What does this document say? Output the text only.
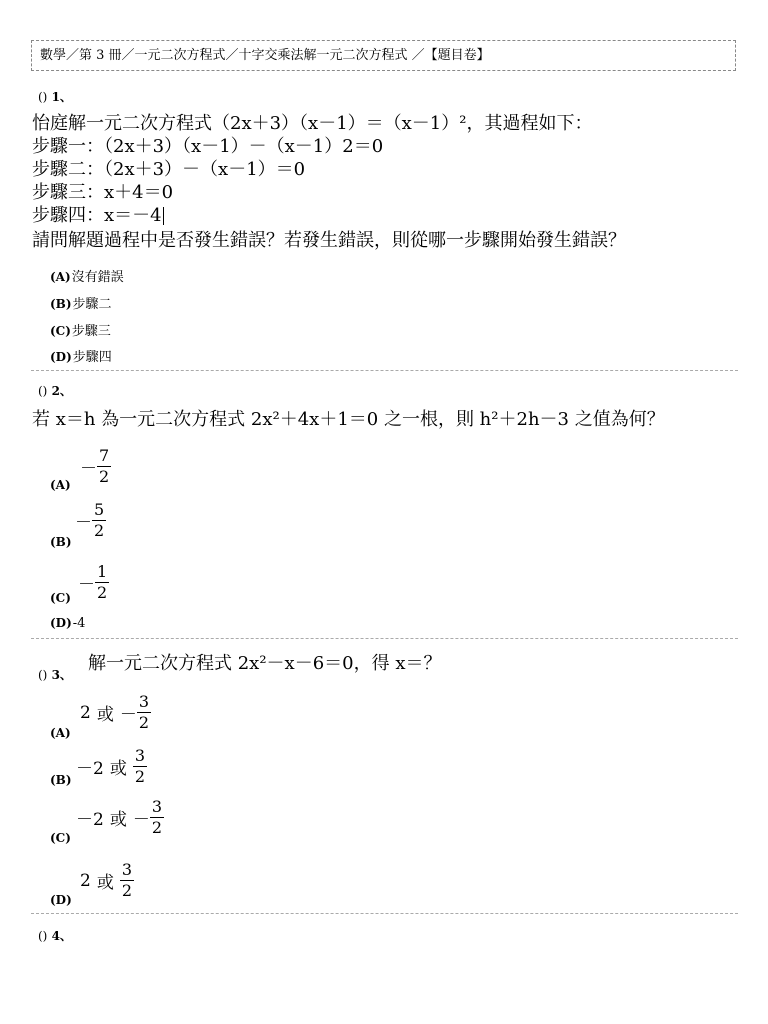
數學／第 3 冊／一元二次方程式／十字交乘法解一元二次方程式 ／【題目卷】
() 1、
怡庭解一元二次方程式（2x＋3）（x－1）＝（x－1）²，其過程如下：
步驟一：（2x＋3）（x－1）－（x－1）2＝0
步驟二：（2x＋3）－（x－1）＝0
步驟三：x＋4＝0
步驟四：x＝－4
請問解題過程中是否發生錯誤？若發生錯誤，則從哪一步驟開始發生錯誤？
(A)沒有錯誤
(B)步驟二
(C)步驟三
(D)步驟四
() 2、
若 x＝h 為一元二次方程式 2x²＋4x＋1＝0 之一根，則 h²＋2h－3 之值為何？
(A)
－ $\frac{7}{2}$
(B)
－ $\frac{5}{2}$
(C)
－ $\frac{1}{2}$
(D)-4
() 3、
解一元二次方程式 2x²－x－6＝0，得 x＝？
(A)
2 或 － $\frac{3}{2}$
(B)
－2 或 $\frac{3}{2}$
(C)
－2 或 － $\frac{3}{2}$
(D)
2 或 $\frac{3}{2}$
() 4、
